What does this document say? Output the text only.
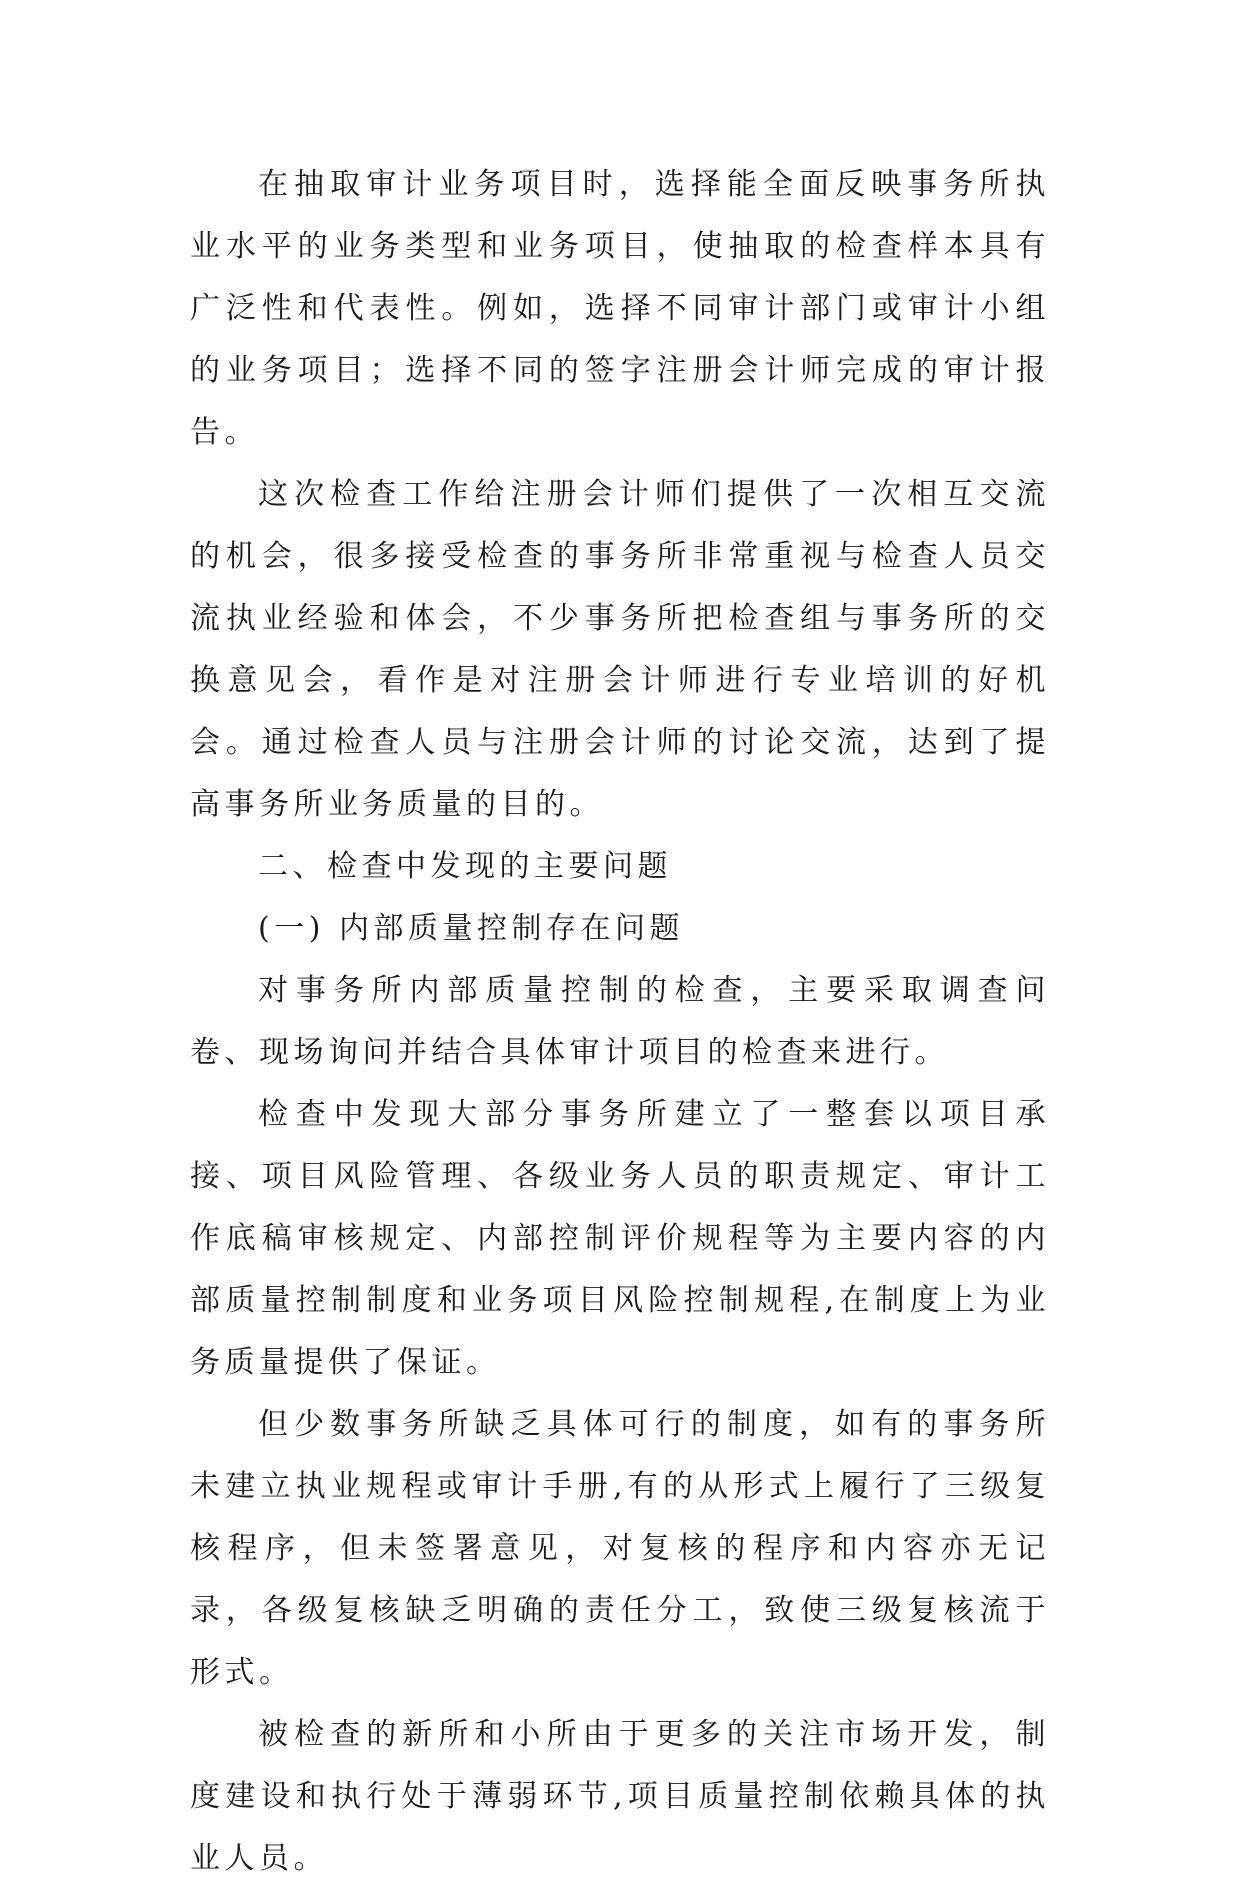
在抽取审计业务项目时，选择能全面反映事务所执业水平的业务类型和业务项目，使抽取的检查样本具有广泛性和代表性。例如，选择不同审计部门或审计小组的业务项目；选择不同的签字注册会计师完成的审计报告。

这次检查工作给注册会计师们提供了一次相互交流的机会，很多接受检查的事务所非常重视与检查人员交流执业经验和体会，不少事务所把检查组与事务所的交换意见会，看作是对注册会计师进行专业培训的好机会。通过检查人员与注册会计师的讨论交流，达到了提高事务所业务质量的目的。

二、检查中发现的主要问题

(一) 内部质量控制存在问题

对事务所内部质量控制的检查，主要采取调查问卷、现场询问并结合具体审计项目的检查来进行。

检查中发现大部分事务所建立了一整套以项目承接、项目风险管理、各级业务人员的职责规定、审计工作底稿审核规定、内部控制评价规程等为主要内容的内部质量控制制度和业务项目风险控制规程,在制度上为业务质量提供了保证。

但少数事务所缺乏具体可行的制度，如有的事务所未建立执业规程或审计手册,有的从形式上履行了三级复核程序，但未签署意见，对复核的程序和内容亦无记录，各级复核缺乏明确的责任分工，致使三级复核流于形式。

被检查的新所和小所由于更多的关注市场开发，制度建设和执行处于薄弱环节,项目质量控制依赖具体的执业人员。
